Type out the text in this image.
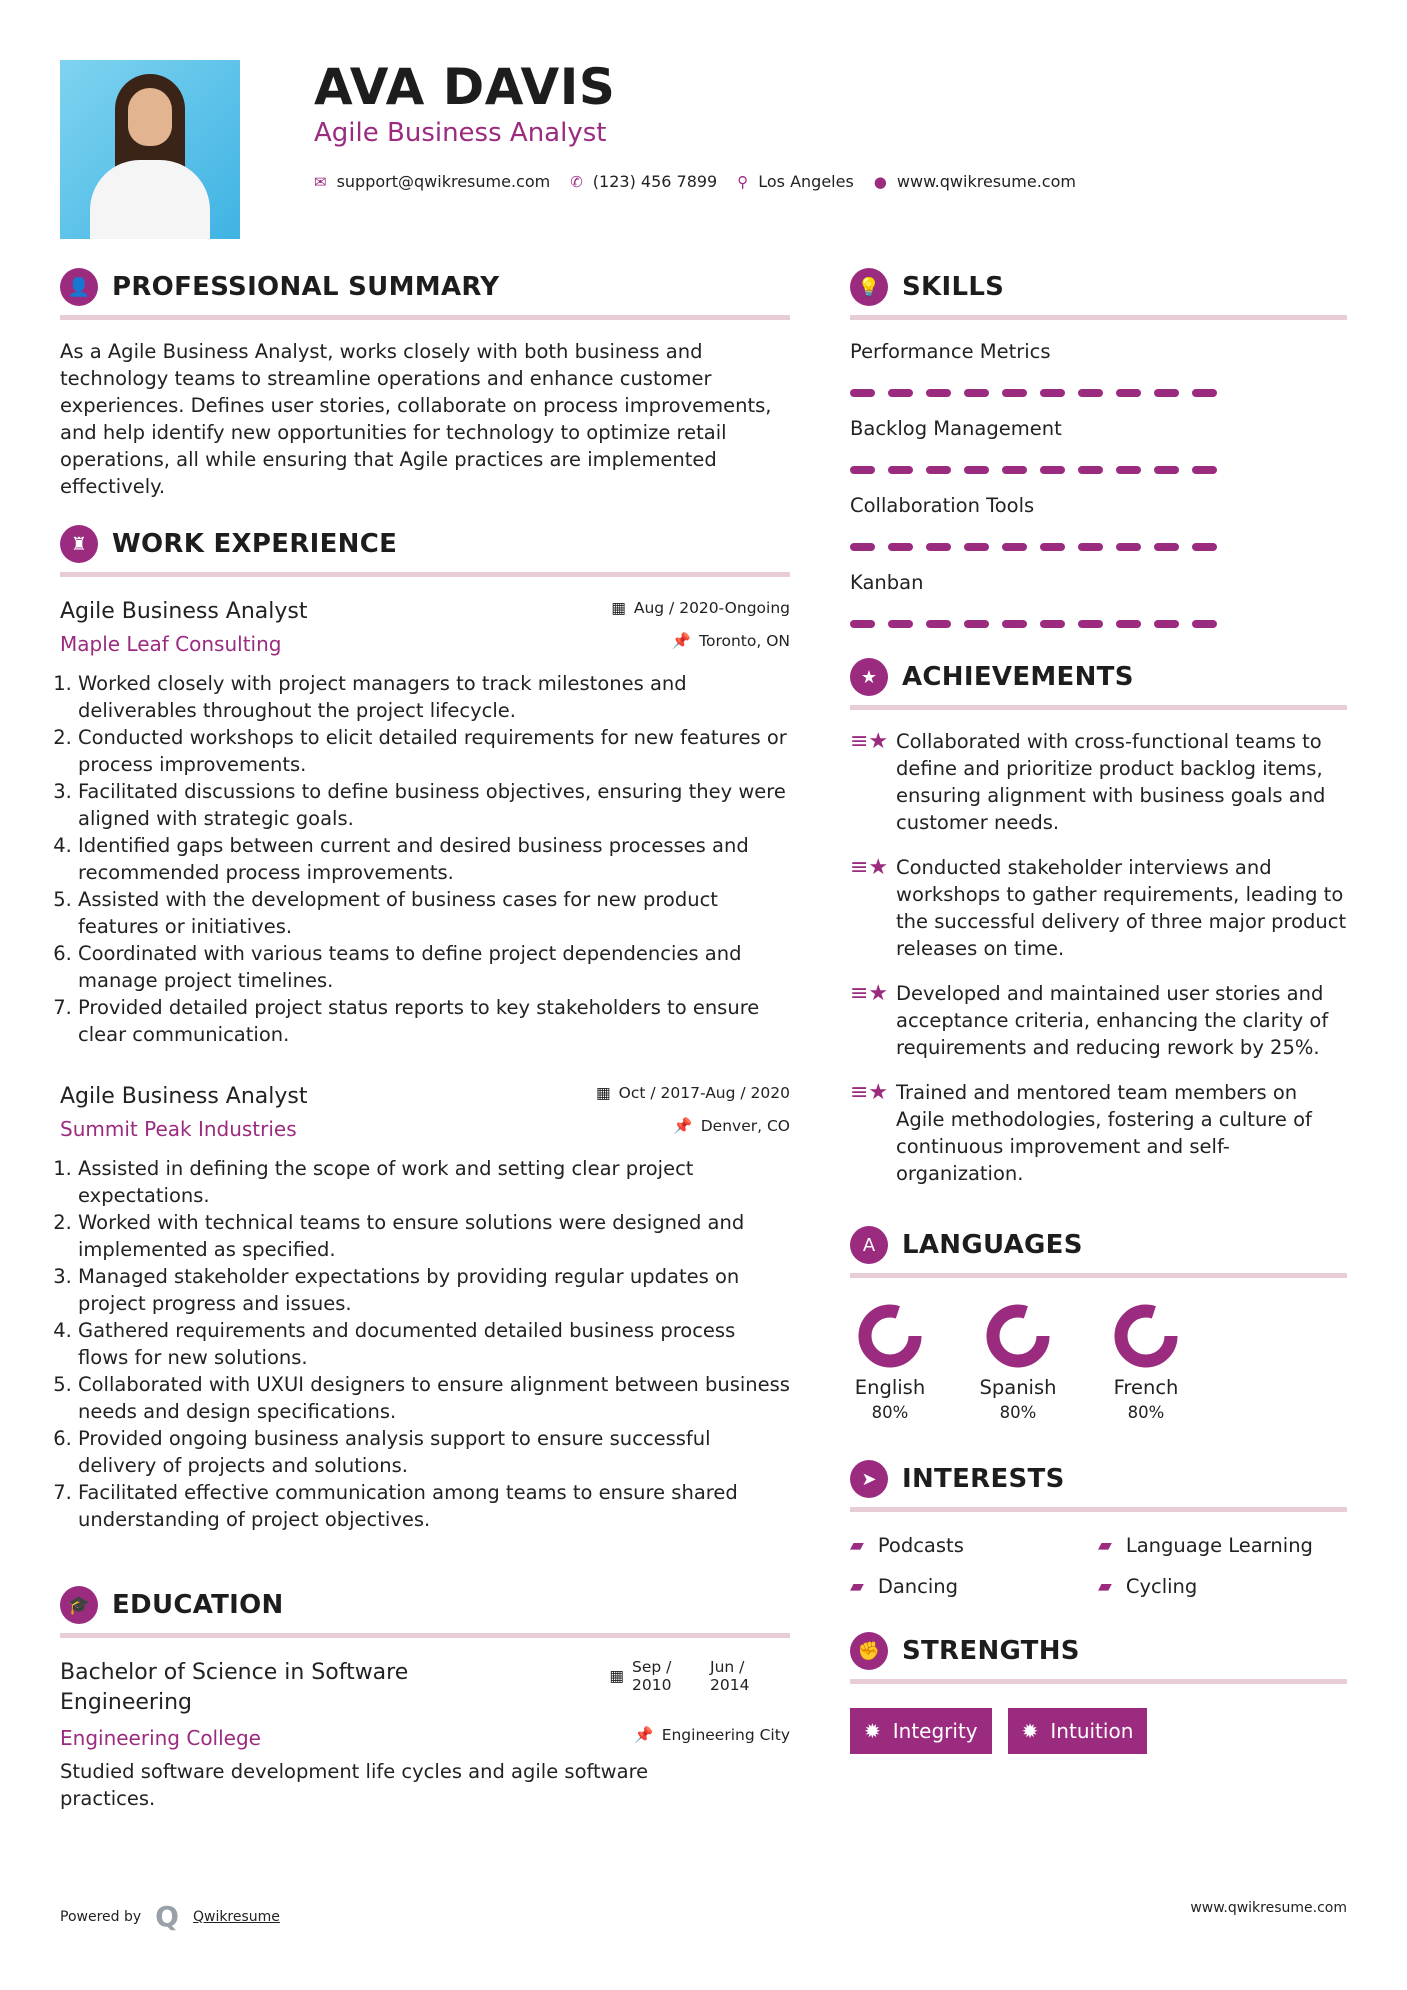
AVA DAVIS
Agile Business Analyst
✉ support@qwikresume.com ✆ (123) 456 7899 ⚲ Los Angeles ● www.qwikresume.com
👤 PROFESSIONAL SUMMARY

As a Agile Business Analyst, works closely with both business and technology teams to streamline operations and enhance customer experiences. Defines user stories, collaborate on process improvements, and help identify new opportunities for technology to optimize retail operations, all while ensuring that Agile practices are implemented effectively.

♜ WORK EXPERIENCE
Agile Business Analyst	▦ Aug / 2020-Ongoing
Maple Leaf Consulting	📌 Toronto, ON
1. Worked closely with project managers to track milestones and deliverables throughout the project lifecycle.
2. Conducted workshops to elicit detailed requirements for new features or process improvements.
3. Facilitated discussions to define business objectives, ensuring they were aligned with strategic goals.
4. Identified gaps between current and desired business processes and recommended process improvements.
5. Assisted with the development of business cases for new product features or initiatives.
6. Coordinated with various teams to define project dependencies and manage project timelines.
7. Provided detailed project status reports to key stakeholders to ensure clear communication.
Agile Business Analyst	▦ Oct / 2017-Aug / 2020
Summit Peak Industries	📌 Denver, CO
1. Assisted in defining the scope of work and setting clear project expectations.
2. Worked with technical teams to ensure solutions were designed and implemented as specified.
3. Managed stakeholder expectations by providing regular updates on project progress and issues.
4. Gathered requirements and documented detailed business process flows for new solutions.
5. Collaborated with UXUI designers to ensure alignment between business needs and design specifications.
6. Provided ongoing business analysis support to ensure successful delivery of projects and solutions.
7. Facilitated effective communication among teams to ensure shared understanding of project objectives.
🎓 EDUCATION
Bachelor of Science in Software Engineering
▦ Sep / 2010
Jun / 2014
Engineering College	📌 Engineering City

Studied software development life cycles and agile software practices.

💡 SKILLS
Performance Metrics
Backlog Management
Collaboration Tools
Kanban
★ ACHIEVEMENTS
≡★ Collaborated with cross-functional teams to define and prioritize product backlog items, ensuring alignment with business goals and customer needs.
≡★ Conducted stakeholder interviews and workshops to gather requirements, leading to the successful delivery of three major product releases on time.
≡★ Developed and maintained user stories and acceptance criteria, enhancing the clarity of requirements and reducing rework by 25%.
≡★ Trained and mentored team members on Agile methodologies, fostering a culture of continuous improvement and self-organization.
A	LANGUAGES
English
80%
Spanish
80%
French
80%
➤ INTERESTS
▰ Podcasts	▰ Language Learning
▰ Dancing	▰ Cycling
✊ STRENGTHS
✹ Integrity ✹ Intuition
Powered by Q Qwikresume
www.qwikresume.com
